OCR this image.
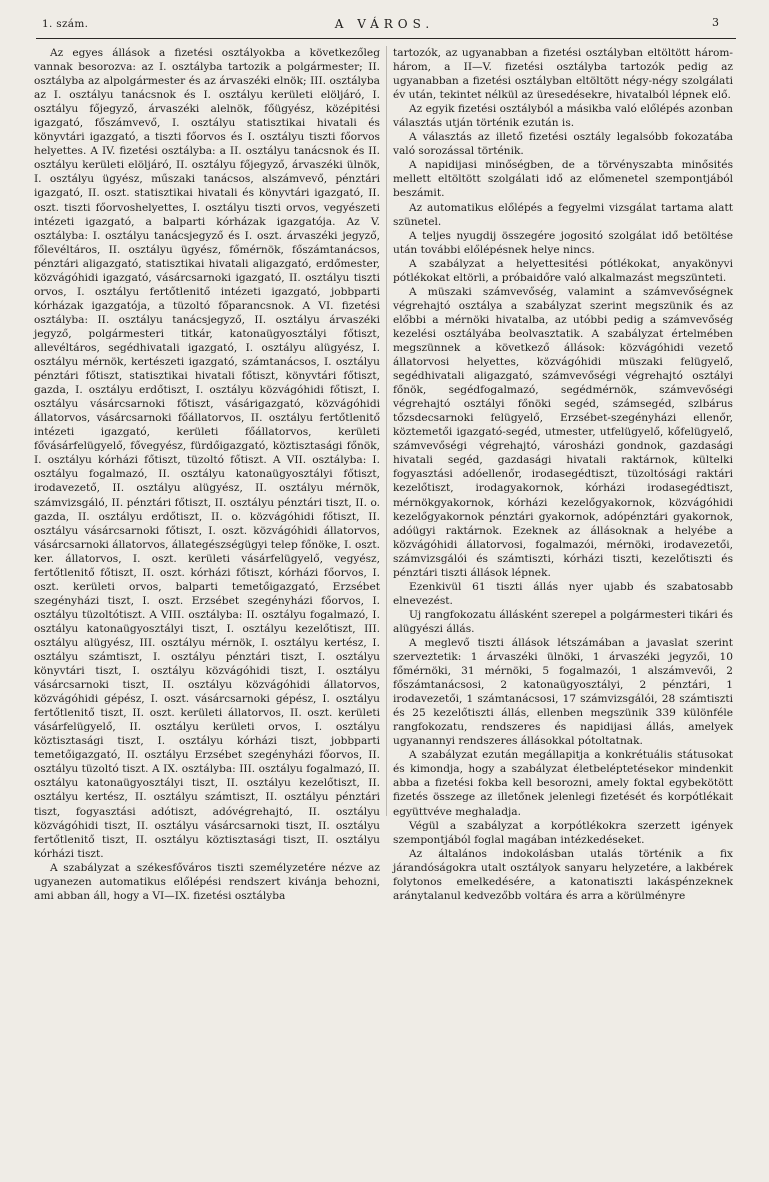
1. szám.	A VÁROS.	3

Az egyes állások a fizetési osztályokba a következőleg vannak besorozva: az I. osztályba tartozik a polgármester; II. osztályba az alpolgármester és az árvaszéki elnök; III. osztályba az I. osztályu tanácsnok és I. osztályu kerületi elöljáró, I. osztályu főjegyző, árvaszéki alelnök, főügyész, középitési igazgató, főszámvevő, I. osztályu statisztikai hivatali és könyvtári igazgató, a tiszti főorvos és I. osztályu tiszti főorvos helyettes. A IV. fizetési osztályba: a II. osztályu tanácsnok és II. osztályu kerületi elöljáró, II. osztályu főjegyző, árvaszéki ülnök, I. osztályu ügyész, műszaki tanácsos, alszámvevő, pénztári igazgató, II. oszt. statisztikai hivatali és könyvtári igazgató, II. oszt. tiszti főorvoshelyettes, I. osztályu tiszti orvos, vegyészeti intézeti igazgató, a balparti kórházak igazgatója. Az V. osztályba: I. osztályu tanácsjegyző és I. oszt. árvaszéki jegyző, főlevéltáros, II. osztályu ügyész, főmérnök, főszámtanácsos, pénztári aligazgató, statisztikai hivatali aligazgató, erdőmester, közvágóhidi igazgató, vásárcsarnoki igazgató, II. osztályu tiszti orvos, I. osztályu fertőtlenitő intézeti igazgató, jobbparti kórházak igazgatója, a tüzoltó főparancsnok. A VI. fizetési osztályba: II. osztályu tanácsjegyző, II. osztályu árvaszéki jegyző, polgármesteri titkár, katonaügyosztályi főtiszt, allevéltáros, segédhivatali igazgató, I. osztályu alügyész, I. osztályu mérnök, kertészeti igazgató, számtanácsos, I. osztályu pénztári főtiszt, statisztikai hivatali főtiszt, könyvtári főtiszt, gazda, I. osztályu erdőtiszt, I. osztályu közvágóhidi főtiszt, I. osztályu vásárcsarnoki főtiszt, vásárigazgató, közvágóhidi állatorvos, vásárcsarnoki főállatorvos, II. osztályu fertőtlenitő intézeti igazgató, kerületi főállatorvos, kerületi fővásárfelügyelő, fővegyész, fürdőigazgató, köztisztasági főnök, I. osztályu kórházi főtiszt, tüzoltó főtiszt. A VII. osztályba: I. osztályu fogalmazó, II. osztályu katonaügyosztályi főtiszt, irodavezető, II. osztályu alügyész, II. osztályu mérnök, számvizsgáló, II. pénztári főtiszt, II. osztályu pénztári tiszt, II. o. gazda, II. osztályu erdőtiszt, II. o. közvágóhidi főtiszt, II. osztályu vásárcsarnoki főtiszt, I. oszt. közvágóhidi állatorvos, vásárcsarnoki állatorvos, állategészségügyi telep főnöke, I. oszt. ker. állatorvos, I. oszt. kerületi vásárfelügyelő, vegyész, fertőtlenitő főtiszt, II. oszt. kórházi főtiszt, kórházi főorvos, I. oszt. kerületi orvos, balparti temetőigazgató, Erzsébet szegényházi tiszt, I. oszt. Erzsébet szegényházi főorvos, I. osztályu tüzoltótiszt. A VIII. osztályba: II. osztályu fogalmazó, I. osztályu katonaügyosztályi tiszt, I. osztályu kezelőtiszt, III. osztályu alügyész, III. osztályu mérnök, I. osztályu kertész, I. osztályu számtiszt, I. osztályu pénztári tiszt, I. osztályu könyvtári tiszt, I. osztályu közvágóhidi tiszt, I. osztályu vásárcsarnoki tiszt, II. osztályu közvágóhidi állatorvos, közvágóhidi gépész, I. oszt. vásárcsarnoki gépész, I. osztályu fertőtlenitő tiszt, II. oszt. kerületi állatorvos, II. oszt. kerületi vásárfelügyelő, II. osztályu kerületi orvos, I. osztályu köztisztasági tiszt, I. osztályu kórházi tiszt, jobbparti temetőigazgató, II. osztályu Erzsébet szegényházi főorvos, II. osztályu tüzoltó tiszt. A IX. osztályba: III. osztályu fogalmazó, II. osztályu katonaügyosztályi tiszt, II. osztályu kezelőtiszt, II. osztályu kertész, II. osztályu számtiszt, II. osztályu pénztári tiszt, fogyasztási adótiszt, adóvégrehajtó, II. osztályu közvágóhidi tiszt, II. osztályu vásárcsarnoki tiszt, II. osztályu fertőtlenitő tiszt, II. osztályu köztisztasági tiszt, II. osztályu kórházi tiszt.

A szabályzat a székesfőváros tiszti személyzetére nézve az ugyanezen automatikus előlépési rendszert kivánja behozni, ami abban áll, hogy a VI—IX. fizetési osztályba

tartozók, az ugyanabban a fizetési osztályban eltöltött három-három, a II—V. fizetési osztályba tartozók pedig az ugyanabban a fizetési osztályban eltöltött négy-négy szolgálati év után, tekintet nélkül az üresedésekre, hivatalból lépnek elő.

Az egyik fizetési osztályból a másikba való előlépés azonban választás utján történik ezután is.

A választás az illető fizetési osztály legalsóbb fokozatába való sorozással történik.

A napidijasi minőségben, de a törvényszabta minősités mellett eltöltött szolgálati idő az előmenetel szempontjából beszámit.

Az automatikus előlépés a fegyelmi vizsgálat tartama alatt szünetel.

A teljes nyugdij összegére jogositó szolgálat idő betöltése után további előlépésnek helye nincs.

A szabályzat a helyettesitési pótlékokat, anyakönyvi pótlékokat eltörli, a próbaidőre való alkalmazást megszünteti.

A müszaki számvevőség, valamint a számvevőségnek végrehajtó osztálya a szabályzat szerint megszünik és az előbbi a mérnöki hivatalba, az utóbbi pedig a számvevőség kezelési osztályába beolvasztatik. A szabályzat értelmében megszünnek a következő állások: közvágóhidi vezető állatorvosi helyettes, közvágóhidi müszaki felügyelő, segédhivatali aligazgató, számvevőségi végrehajtó osztályi főnök, segédfogalmazó, segédmérnök, számvevőségi végrehajtó osztályi főnöki segéd, számsegéd, szlbárus tőzsdecsarnoki felügyelő, Erzsébet-szegényházi ellenőr, köztemetői igazgató-segéd, utmester, utfelügyelő, kőfelügyelő, számvevőségi végrehajtó, városházi gondnok, gazdasági hivatali segéd, gazdasági hivatali raktárnok, kültelki fogyasztási adóellenőr, irodasegédtiszt, tüzoltósági raktári kezelőtiszt, irodagyakornok, kórházi irodasegédtiszt, mérnökgyakornok, kórházi kezelőgyakornok, közvágóhidi kezelőgyakornok pénztári gyakornok, adópénztári gyakornok, adóügyi raktárnok. Ezeknek az állásoknak a helyébe a közvágóhidi állatorvosi, fogalmazói, mérnöki, irodavezetői, számvizsgálói és számtiszti, kórházi tiszti, kezelőtiszti és pénztári tiszti állások lépnek.

Ezenkivül 61 tiszti állás nyer ujabb és szabatosabb elnevezést.

Uj rangfokozatu állásként szerepel a polgármesteri tikári és alügyészi állás.

A meglevő tiszti állások létszámában a javaslat szerint szerveztetik: 1 árvaszéki ülnöki, 1 árvaszéki jegyzői, 10 főmérnöki, 31 mérnöki, 5 fogalmazói, 1 alszámvevői, 2 főszámtanácsosi, 2 katonaügyosztályi, 2 pénztári, 1 irodavezetői, 1 számtanácsosi, 17 számvizsgálói, 28 számtiszti és 25 kezelőtiszti állás, ellenben megszünik 339 különféle rangfokozatu, rendszeres és napidijasi állás, amelyek ugyanannyi rendszeres állásokkal pótoltatnak.

A szabályzat ezután megállapitja a konkrétuális státusokat és kimondja, hogy a szabályzat életbeléptetésekor mindenkit abba a fizetési fokba kell besorozni, amely foktal egybekötött fizetés összege az illetőnek jelenlegi fizetését és korpótlékait együttvéve meghaladja.

Végül a szabályzat a korpótlékokra szerzett igények szempontjából foglal magában intézkedéseket.

Az általános indokolásban utalás történik a fix járandóságokra utalt osztályok sanyaru helyzetére, a lakbérek folytonos emelkedésére, a katonatiszti lakáspénzeknek aránytalanul kedvezőbb voltára és arra a körülményre
